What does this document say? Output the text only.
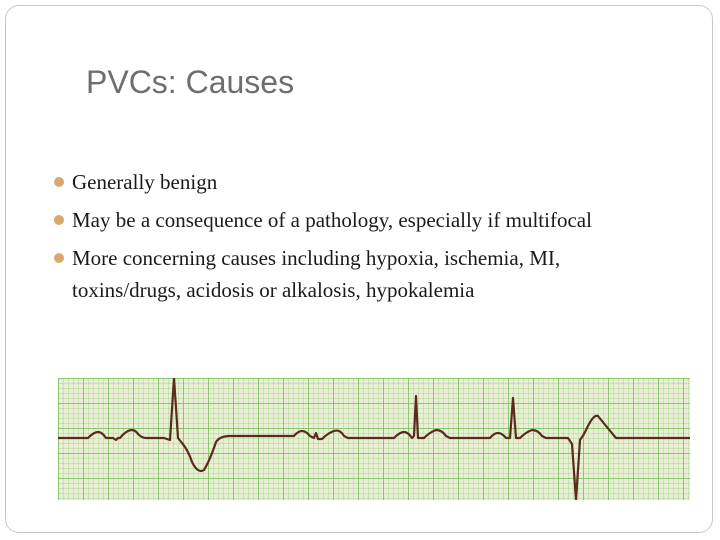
PVCs: Causes
Generally benign
May be a consequence of a pathology, especially if multifocal
More concerning causes including hypoxia, ischemia, MI, toxins/drugs, acidosis or alkalosis, hypokalemia
